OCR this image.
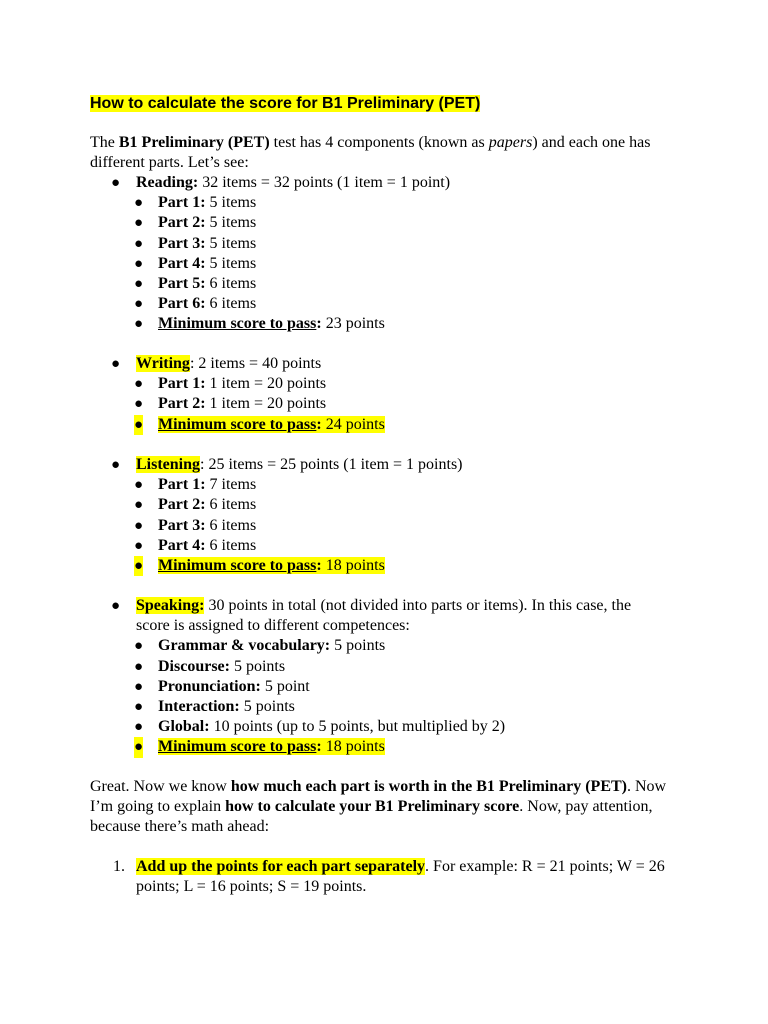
How to calculate the score for B1 Preliminary (PET)

The B1 Preliminary (PET) test has 4 components (known as papers) and each one has different parts. Let’s see:

● Reading: 32 items = 32 points (1 item = 1 point)
● Part 1: 5 items
● Part 2: 5 items
● Part 3: 5 items
● Part 4: 5 items
● Part 5: 6 items
● Part 6: 6 items
● Minimum score to pass: 23 points
● Writing: 2 items = 40 points
● Part 1: 1 item = 20 points
● Part 2: 1 item = 20 points
● Minimum score to pass: 24 points
● Listening: 25 items = 25 points (1 item = 1 points)
● Part 1: 7 items
● Part 2: 6 items
● Part 3: 6 items
● Part 4: 6 items
● Minimum score to pass: 18 points
● Speaking: 30 points in total (not divided into parts or items). In this case, the score is assigned to different competences:
● Grammar & vocabulary: 5 points
● Discourse: 5 points
● Pronunciation: 5 point
● Interaction: 5 points
● Global: 10 points (up to 5 points, but multiplied by 2)
● Minimum score to pass: 18 points

Great. Now we know how much each part is worth in the B1 Preliminary (PET). Now I’m going to explain how to calculate your B1 Preliminary score. Now, pay attention, because there’s math ahead:

1. Add up the points for each part separately. For example: R = 21 points; W = 26 points; L = 16 points; S = 19 points.
